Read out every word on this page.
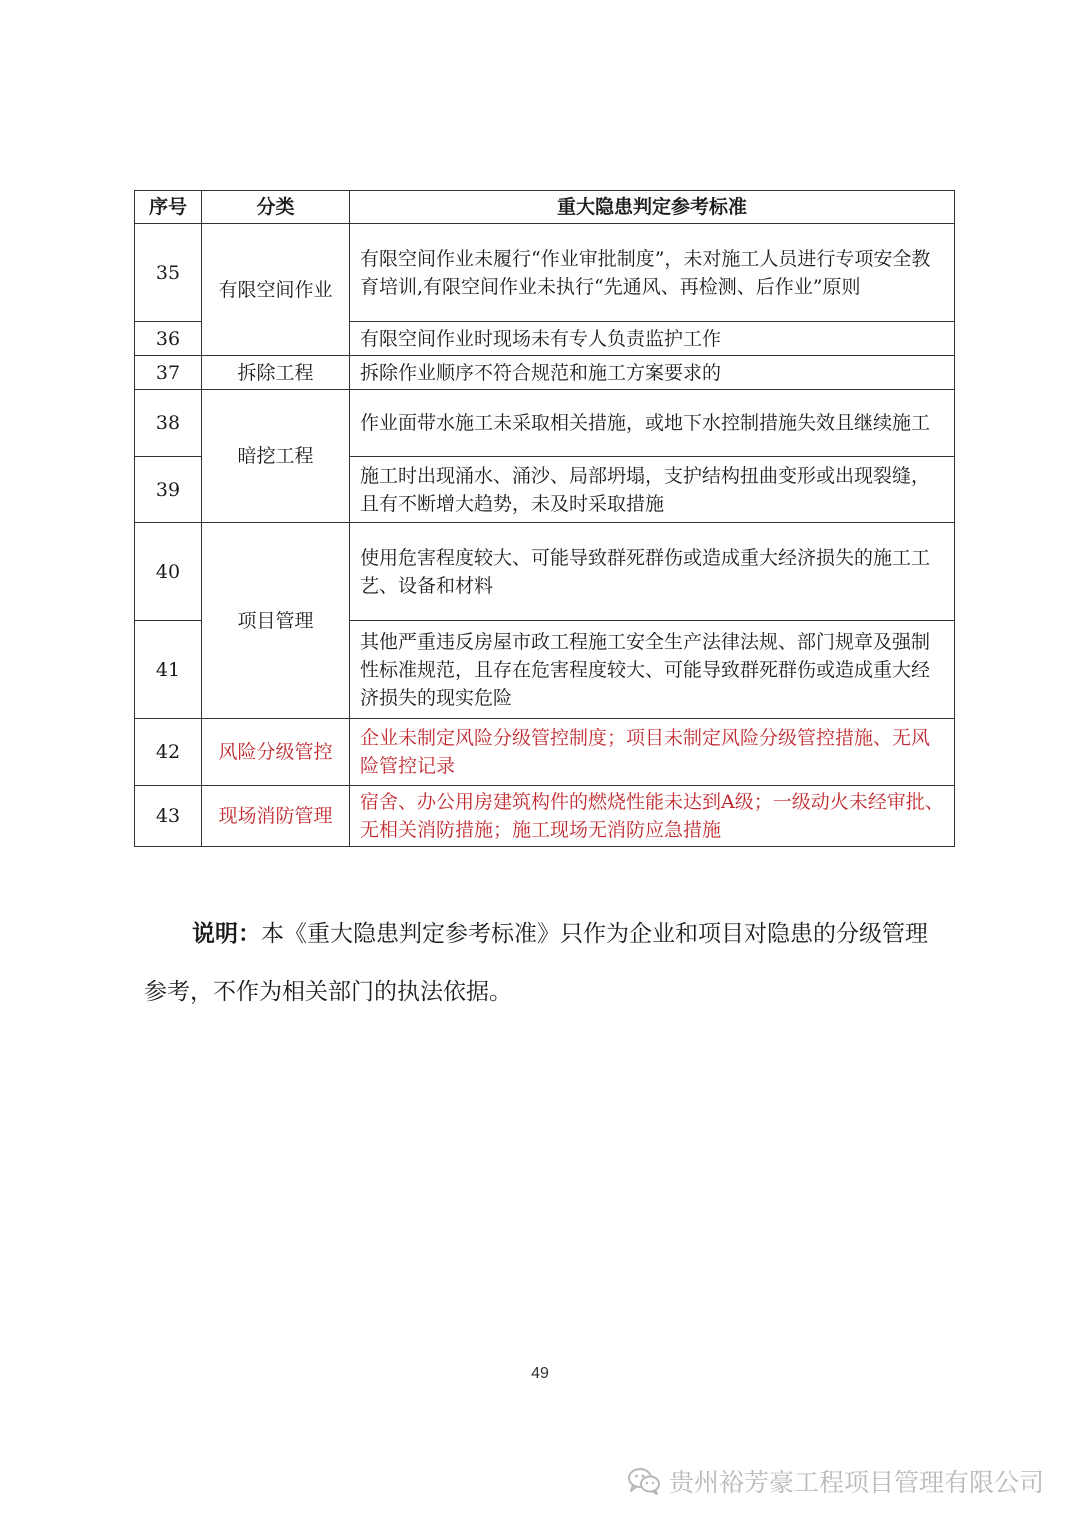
序号	分类	重大隐患判定参考标准
35	有限空间作业	有限空间作业未履行“作业审批制度”，未对施工人员进行专项安全教育培训,有限空间作业未执行“先通风、再检测、后作业”原则
36		有限空间作业时现场未有专人负责监护工作
37	拆除工程	拆除作业顺序不符合规范和施工方案要求的
38	暗挖工程	作业面带水施工未采取相关措施，或地下水控制措施失效且继续施工
39		施工时出现涌水、涌沙、局部坍塌，支护结构扭曲变形或出现裂缝，且有不断增大趋势，未及时采取措施
40	项目管理	使用危害程度较大、可能导致群死群伤或造成重大经济损失的施工工艺、设备和材料
41		其他严重违反房屋市政工程施工安全生产法律法规、部门规章及强制性标准规范，且存在危害程度较大、可能导致群死群伤或造成重大经济损失的现实危险
42	风险分级管控	企业未制定风险分级管控制度；项目未制定风险分级管控措施、无风险管控记录
43	现场消防管理	宿舍、办公用房建筑构件的燃烧性能未达到A级；一级动火未经审批、无相关消防措施；施工现场无消防应急措施

说明：本《重大隐患判定参考标准》只作为企业和项目对隐患的分级管理参考，不作为相关部门的执法依据。

49
贵州裕芳豪工程项目管理有限公司
